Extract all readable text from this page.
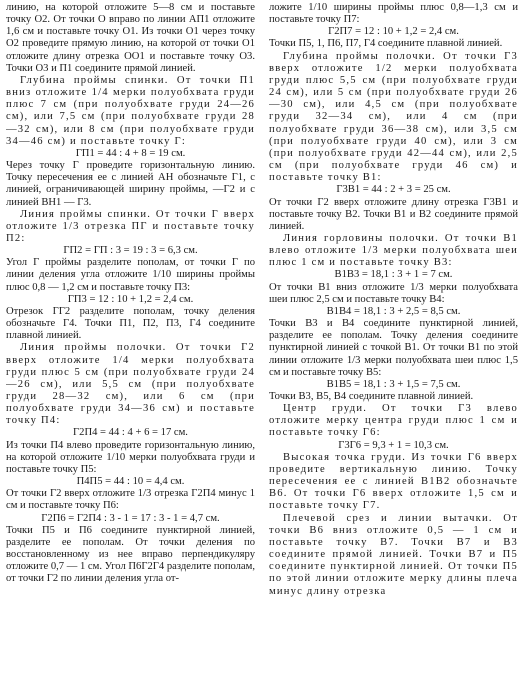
линию, на которой отложите 5—8 см и поставьте точку О2. От точки О вправо по линии АП1 отложите 1,6 см и поставьте точку О1. Из точки О1 через точку О2 проведите прямую линию, на которой от точки О1 отложите длину отрезка ОО1 и поставьте точку О3. Точки О3 и П1 соедините прямой линией.

Глубина проймы спинки. От точки П1 вниз отложите 1/4 мерки полуобхвата груди плюс 7 см (при полуобхвате груди 24—26 см), или 7,5 см (при полуобхвате груди 28—32 см), или 8 см (при полуобхвате груди 34—46 см) и поставьте точку Г:

ГП1 = 44 : 4 + 8 = 19 см.

Через точку Г проведите горизонтальную линию. Точку пересечения ее с линией АН обозначьте Г1, с линией, ограничивающей ширину проймы, —Г2 и с линией ВН1 — Г3.

Линия проймы спинки. От точки Г вверх отложите 1/3 отрезка ПГ и поставьте точку П2:

ГП2 = ГП : 3 = 19 : 3 = 6,3 см.

Угол Г проймы разделите пополам, от точки Г по линии деления угла отложите 1/10 ширины проймы плюс 0,8 — 1,2 см и поставьте точку П3:

ГП3 = 12 : 10 + 1,2 = 2,4 см.

Отрезок ГГ2 разделите пополам, точку деления обозначьте Г4. Точки П1, П2, П3, Г4 соедините плавной линией.

Линия проймы полочки. От точки Г2 вверх отложите 1/4 мерки полуобхвата груди плюс 5 см (при полуобхвате груди 24—26 см), или 5,5 см (при полуобхвате груди 28—32 см), или 6 см (при полуобхвате груди 34—36 см) и поставьте точку П4:

Г2П4 = 44 : 4 + 6 = 17 см.

Из точки П4 влево проведите горизонтальную линию, на которой отложите 1/10 мерки полуобхвата груди и поставьте точку П5:

П4П5 = 44 : 10 = 4,4 см.

От точки Г2 вверх отложите 1/3 отрезка Г2П4 минус 1 см и поставьте точку П6:

Г2П6 = Г2П4 : 3 - 1 = 17 : 3 - 1 = 4,7 см.

Точки П5 и П6 соедините пунктирной линией, разделите ее пополам. От точки деления по восстановленному из нее вправо перпендикуляру отложите 0,7 — 1 см. Угол П6Г2Г4 разделите пополам, от точки Г2 по линии деления угла от-

ложите 1/10 ширины проймы плюс 0,8—1,3 см и поставьте точку П7:

Г2П7 = 12 : 10 + 1,2 = 2,4 см.

Точки П5, 1, П6, П7, Г4 соедините плавной линией.

Глубина проймы полочки. От точки Г3 вверх отложите 1/2 мерки полуобхвата груди плюс 5,5 см (при полуобхвате груди 24 см), или 5 см (при полуобхвате груди 26—30 см), или 4,5 см (при полуобхвате груди 32—34 см), или 4 см (при полуобхвате груди 36—38 см), или 3,5 см (при полуобхвате груди 40 см), или 3 см (при полуобхвате груди 42—44 см), или 2,5 см (при полуобхвате груди 46 см) и поставьте точку В1:

Г3В1 = 44 : 2 + 3 = 25 см.

От точки Г2 вверх отложите длину отрезка Г3В1 и поставьте точку В2. Точки В1 и В2 соедините прямой линией.

Линия горловины полочки. От точки В1 влево отложите 1/3 мерки полуобхвата шеи плюс 1 см и поставьте точку В3:

В1В3 = 18,1 : 3 + 1 = 7 см.

От точки В1 вниз отложите 1/3 мерки полуобхвата шеи плюс 2,5 см и поставьте точку В4:

В1В4 = 18,1 : 3 + 2,5 = 8,5 см.

Точки В3 и В4 соедините пунктирной линией, разделите ее пополам. Точку деления соедините пунктирной линией с точкой В1. От точки В1 по этой линии отложите 1/3 мерки полуобхвата шеи плюс 1,5 см и поставьте точку В5:

В1В5 = 18,1 : 3 + 1,5 = 7,5 см.

Точки В3, В5, В4 соедините плавной линией.

Центр груди. От точки Г3 влево отложите мерку центра груди плюс 1 см и поставьте точку Г6:

Г3Г6 = 9,3 + 1 = 10,3 см.

Высокая точка груди. Из точки Г6 вверх проведите вертикальную линию. Точку пересечения ее с линией В1В2 обозначьте В6. От точки Г6 вверх отложите 1,5 см и поставьте точку Г7.

Плечевой срез и линии вытачки. От точки В6 вниз отложите 0,5 — 1 см и поставьте точку В7. Точки В7 и В3 соедините прямой линией. Точки В7 и П5 соедините пунктирной линией. От точки П5 по этой линии отложите мерку длины плеча минус длину отрезка
